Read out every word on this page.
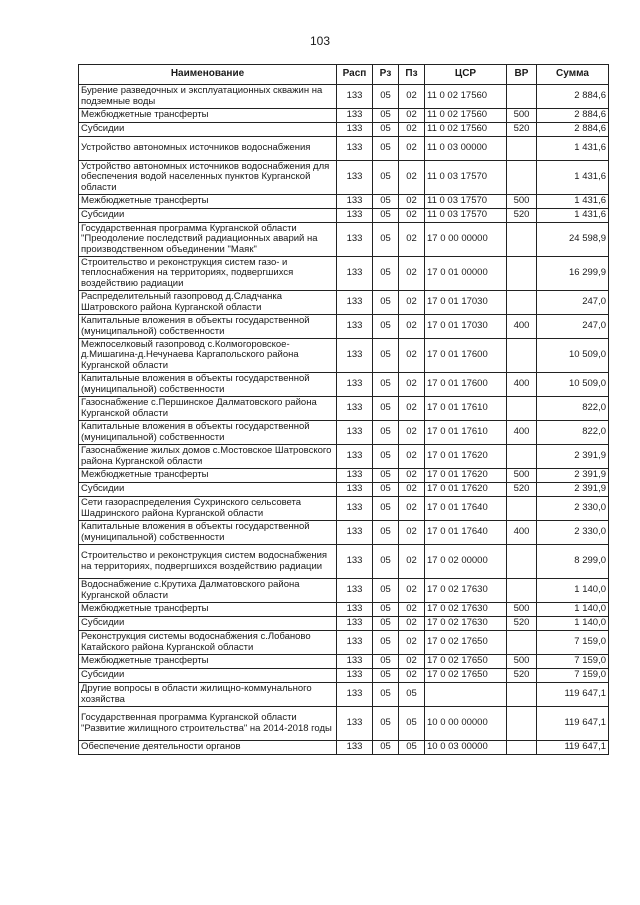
103
Наименование	Расп	Рз	Пз	ЦСР	ВР	Сумма
Бурение разведочных и эксплуатационных скважин на подземные воды	133	05	02	11 0 02 17560		2 884,6
Межбюджетные трансферты	133	05	02	11 0 02 17560	500	2 884,6
Субсидии	133	05	02	11 0 02 17560	520	2 884,6
Устройство автономных источников водоснабжения	133	05	02	11 0 03 00000		1 431,6
Устройство автономных источников водоснабжения для обеспечения водой населенных пунктов Курганской области	133	05	02	11 0 03 17570		1 431,6
Межбюджетные трансферты	133	05	02	11 0 03 17570	500	1 431,6
Субсидии	133	05	02	11 0 03 17570	520	1 431,6
Государственная программа Курганской области "Преодоление последствий радиационных аварий на производственном объединении "Маяк"	133	05	02	17 0 00 00000		24 598,9
Строительство и реконструкция систем газо- и теплоснабжения на территориях, подвергшихся воздействию радиации	133	05	02	17 0 01 00000		16 299,9
Распределительный газопровод д.Сладчанка Шатровского района Курганской области	133	05	02	17 0 01 17030		247,0
Капитальные вложения в объекты государственной (муниципальной) собственности	133	05	02	17 0 01 17030	400	247,0
Межпоселковый газопровод с.Колмогоровское-д.Мишагина-д.Нечунаева Каргапольского района Курганской области	133	05	02	17 0 01 17600		10 509,0
Капитальные вложения в объекты государственной (муниципальной) собственности	133	05	02	17 0 01 17600	400	10 509,0
Газоснабжение с.Першинское Далматовского района Курганской области	133	05	02	17 0 01 17610		822,0
Капитальные вложения в объекты государственной (муниципальной) собственности	133	05	02	17 0 01 17610	400	822,0
Газоснабжение жилых домов с.Мостовское Шатровского района Курганской области	133	05	02	17 0 01 17620		2 391,9
Межбюджетные трансферты	133	05	02	17 0 01 17620	500	2 391,9
Субсидии	133	05	02	17 0 01 17620	520	2 391,9
Сети газораспределения Сухринского сельсовета Шадринского района Курганской области	133	05	02	17 0 01 17640		2 330,0
Капитальные вложения в объекты государственной (муниципальной) собственности	133	05	02	17 0 01 17640	400	2 330,0
Строительство и реконструкция систем водоснабжения на территориях, подвергшихся воздействию радиации	133	05	02	17 0 02 00000		8 299,0
Водоснабжение с.Крутиха Далматовского района Курганской области	133	05	02	17 0 02 17630		1 140,0
Межбюджетные трансферты	133	05	02	17 0 02 17630	500	1 140,0
Субсидии	133	05	02	17 0 02 17630	520	1 140,0
Реконструкция системы водоснабжения с.Лобаново Катайского района Курганской области	133	05	02	17 0 02 17650		7 159,0
Межбюджетные трансферты	133	05	02	17 0 02 17650	500	7 159,0
Субсидии	133	05	02	17 0 02 17650	520	7 159,0
Другие вопросы в области жилищно-коммунального хозяйства	133	05	05			119 647,1
Государственная программа Курганской области "Развитие жилищного строительства" на 2014-2018 годы	133	05	05	10 0 00 00000		119 647,1
Обеспечение деятельности органов	133	05	05	10 0 03 00000		119 647,1
